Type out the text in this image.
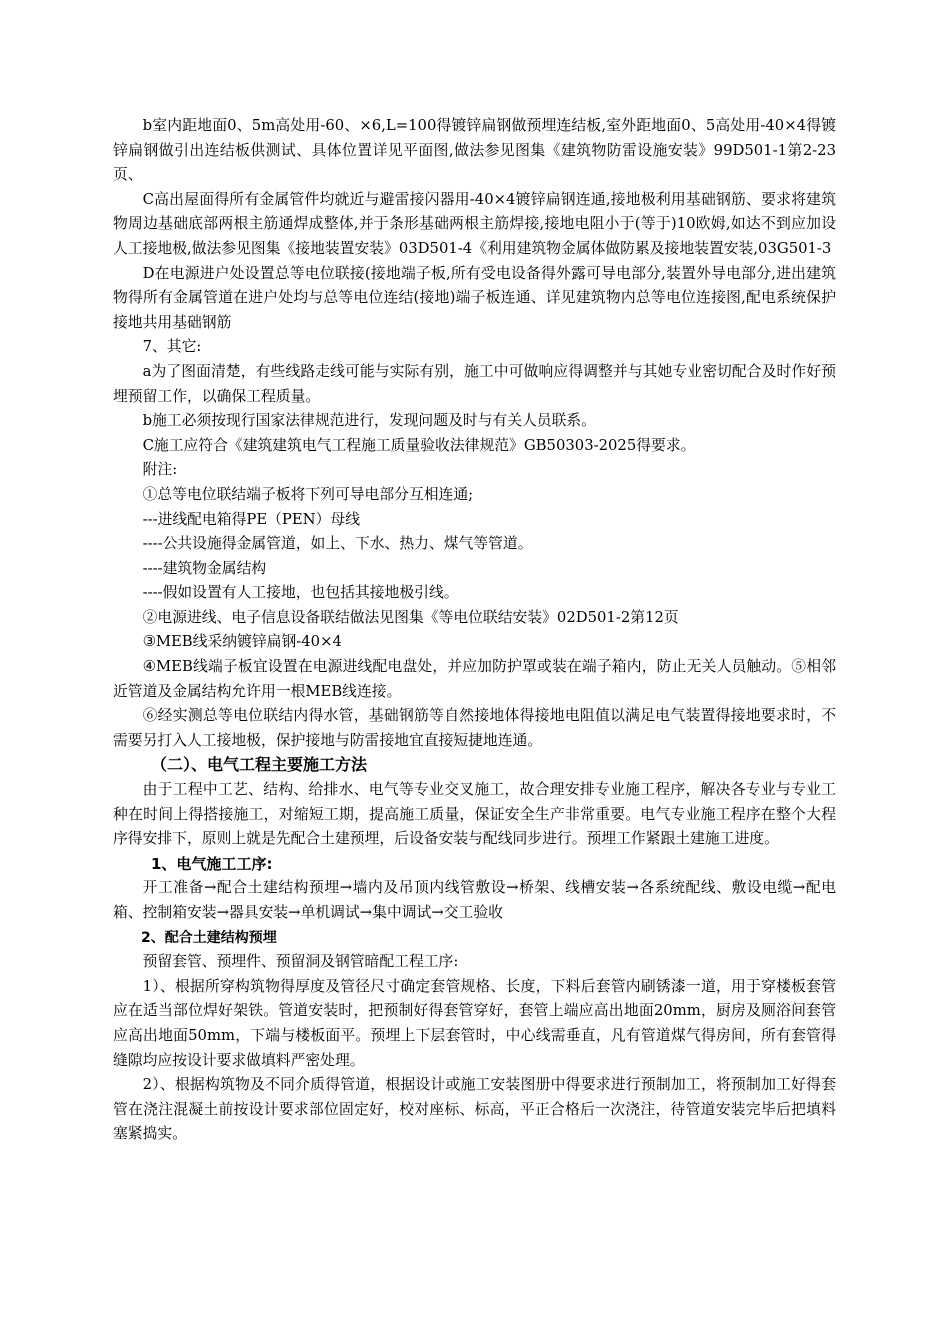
b室内距地面0、5m高处用-60、×6,L=100得镀锌扁钢做预埋连结板,室外距地面0、5高处用-40×4得镀锌扁钢做引出连结板供测试、具体位置详见平面图,做法参见图集《建筑物防雷设施安装》99D501-1第2-23页、

C高出屋面得所有金属管件均就近与避雷接闪器用-40×4镀锌扁钢连通,接地极利用基础钢筋、要求将建筑物周边基础底部两根主筋通焊成整体,并于条形基础两根主筋焊接,接地电阻小于(等于)10欧姆,如达不到应加设人工接地极,做法参见图集《接地装置安装》03D501-4《利用建筑物金属体做防累及接地装置安装,03G501-3

D在电源进户处设置总等电位联接(接地端子板,所有受电设备得外露可导电部分,装置外导电部分,进出建筑物得所有金属管道在进户处均与总等电位连结(接地)端子板连通、详见建筑物内总等电位连接图,配电系统保护接地共用基础钢筋

7、其它:

a为了图面清楚，有些线路走线可能与实际有别，施工中可做响应得调整并与其她专业密切配合及时作好预埋预留工作，以确保工程质量。

b施工必须按现行国家法律规范进行，发现问题及时与有关人员联系。

C施工应符合《建筑建筑电气工程施工质量验收法律规范》GB50303-2025得要求。

附注:

①总等电位联结端子板将下列可导电部分互相连通;

---进线配电箱得PE（PEN）母线

----公共设施得金属管道，如上、下水、热力、煤气等管道。

----建筑物金属结构

----假如设置有人工接地，也包括其接地极引线。

②电源进线、电子信息设备联结做法见图集《等电位联结安装》02D501-2第12页

③MEB线采纳镀锌扁钢-40×4

④MEB线端子板宜设置在电源进线配电盘处，并应加防护罩或装在端子箱内，防止无关人员触动。⑤相邻近管道及金属结构允许用一根MEB线连接。

⑥经实测总等电位联结内得水管，基础钢筋等自然接地体得接地电阻值以满足电气装置得接地要求时，不需要另打入人工接地极，保护接地与防雷接地宜直接短捷地连通。

（二）、电气工程主要施工方法

由于工程中工艺、结构、给排水、电气等专业交叉施工，故合理安排专业施工程序，解决各专业与专业工种在时间上得搭接施工，对缩短工期，提高施工质量，保证安全生产非常重要。电气专业施工程序在整个大程序得安排下，原则上就是先配合土建预埋，后设备安装与配线同步进行。预埋工作紧跟土建施工进度。

1、电气施工工序:

开工准备→配合土建结构预埋→墙内及吊顶内线管敷设→桥架、线槽安装→各系统配线、敷设电缆→配电箱、控制箱安装→器具安装→单机调试→集中调试→交工验收

2、配合土建结构预埋

预留套管、预埋件、预留洞及钢管暗配工程工序:

1）、根据所穿构筑物得厚度及管径尺寸确定套管规格、长度，下料后套管内刷锈漆一道，用于穿楼板套管应在适当部位焊好架铁。管道安装时，把预制好得套管穿好，套管上端应高出地面20mm，厨房及厕浴间套管应高出地面50mm，下端与楼板面平。预埋上下层套管时，中心线需垂直，凡有管道煤气得房间，所有套管得缝隙均应按设计要求做填料严密处理。

2）、根据构筑物及不同介质得管道，根据设计或施工安装图册中得要求进行预制加工，将预制加工好得套管在浇注混凝土前按设计要求部位固定好，校对座标、标高，平正合格后一次浇注，待管道安装完毕后把填料塞紧捣实。
